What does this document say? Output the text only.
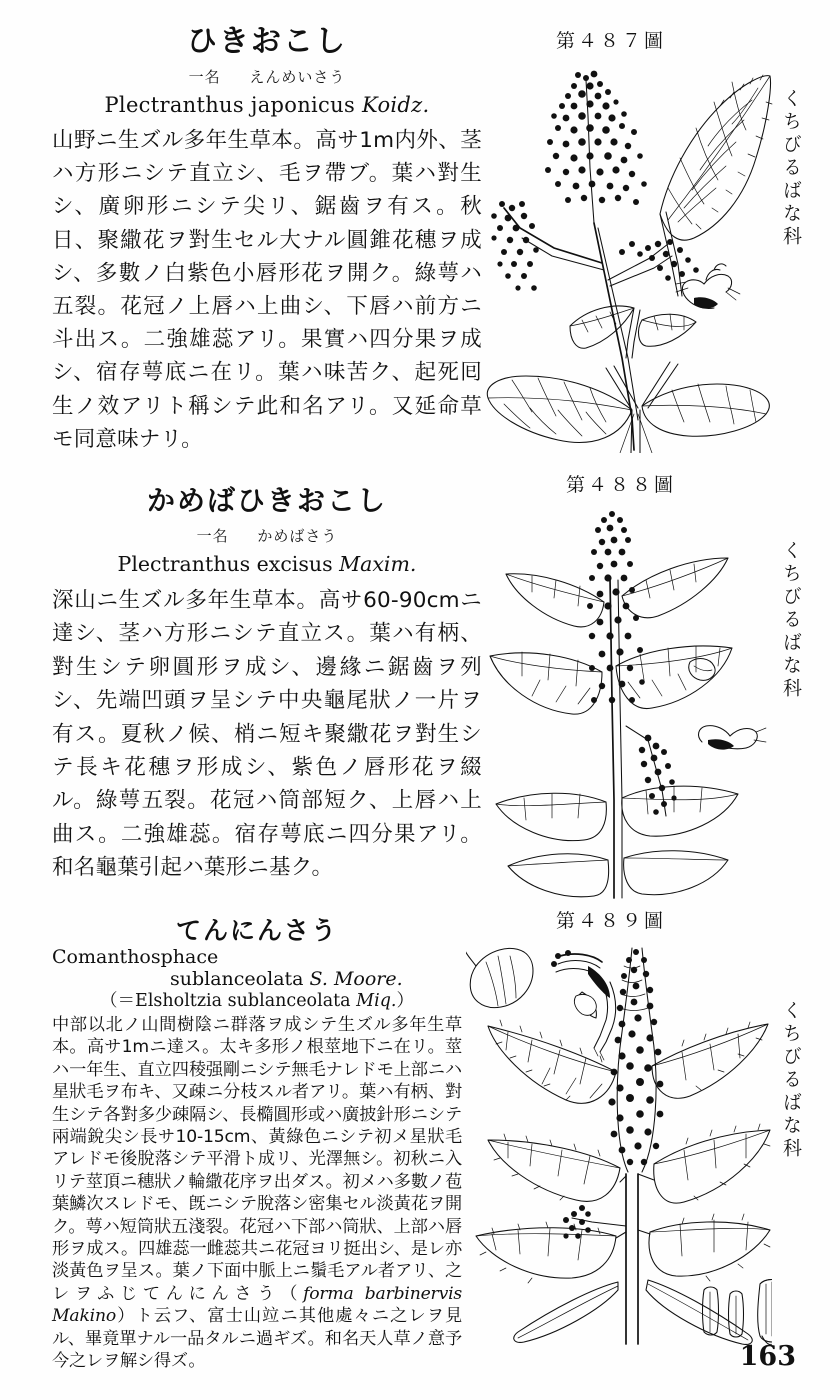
ひきおこし
一名 えんめいさう
Plectranthus japonicus Koidz.
山野ニ生ズル多年生草本。高サ1m内外、茎ハ方形ニシテ直立シ、毛ヲ帶ブ。葉ハ對生シ、廣卵形ニシテ尖リ、鋸齒ヲ有ス。秋日、聚繖花ヲ對生セル大ナル圓錐花穗ヲ成シ、多數ノ白紫色小唇形花ヲ開ク。綠萼ハ五裂。花冠ノ上唇ハ上曲シ、下唇ハ前方ニ斗出ス。二強雄蕊アリ。果實ハ四分果ヲ成シ、宿存萼底ニ在リ。葉ハ味苦ク、起死囘生ノ效アリト稱シテ此和名アリ。又延命草モ同意味ナリ。
第４８７圖
くちびるばな科
かめばひきおこし
一名 かめばさう
Plectranthus excisus Maxim.
深山ニ生ズル多年生草本。高サ60-90cmニ達シ、茎ハ方形ニシテ直立ス。葉ハ有柄、對生シテ卵圓形ヲ成シ、邊緣ニ鋸齒ヲ列シ、先端凹頭ヲ呈シテ中央龜尾狀ノ一片ヲ有ス。夏秋ノ候、梢ニ短キ聚繖花ヲ對生シテ長キ花穗ヲ形成シ、紫色ノ唇形花ヲ綴ル。綠萼五裂。花冠ハ筒部短ク、上唇ハ上曲ス。二強雄蕊。宿存萼底ニ四分果アリ。和名龜葉引起ハ葉形ニ基ク。
第４８８圖
くちびるばな科
てんにんさう
Comanthosphace
sublanceolata S. Moore.
（＝Elsholtzia sublanceolata Miq.）
中部以北ノ山間樹陰ニ群落ヲ成シテ生ズル多年生草本。高サ1mニ達ス。太キ多形ノ根莖地下ニ在リ。莖ハ一年生、直立四稜强剛ニシテ無毛ナレドモ上部ニハ星狀毛ヲ布キ、又疎ニ分枝スル者アリ。葉ハ有柄、對生シテ各對多少疎隔シ、長橢圓形或ハ廣披針形ニシテ兩端銳尖シ長サ10-15cm、黃綠色ニシテ初メ星狀毛アレドモ後脫落シテ平滑ト成リ、光澤無シ。初秋ニ入リテ莖頂ニ穗狀ノ輪繖花序ヲ出ダス。初メハ多數ノ苞葉鱗次スレドモ、旣ニシテ脫落シ密集セル淡黃花ヲ開ク。萼ハ短筒狀五淺裂。花冠ハ下部ハ筒狀、上部ハ唇形ヲ成ス。四雄蕊一雌蕊共ニ花冠ヨリ挺出シ、是レ亦淡黃色ヲ呈ス。葉ノ下面中脈上ニ鬚毛アル者アリ、之レヲふじてんにんさう（forma barbinervis Makino）ト云フ、富士山竝ニ其他處々ニ之レヲ見ル、畢竟單ナル一品タルニ過ギズ。和名天人草ノ意予今之レヲ解シ得ズ。
第４８９圖
くちびるばな科
163
